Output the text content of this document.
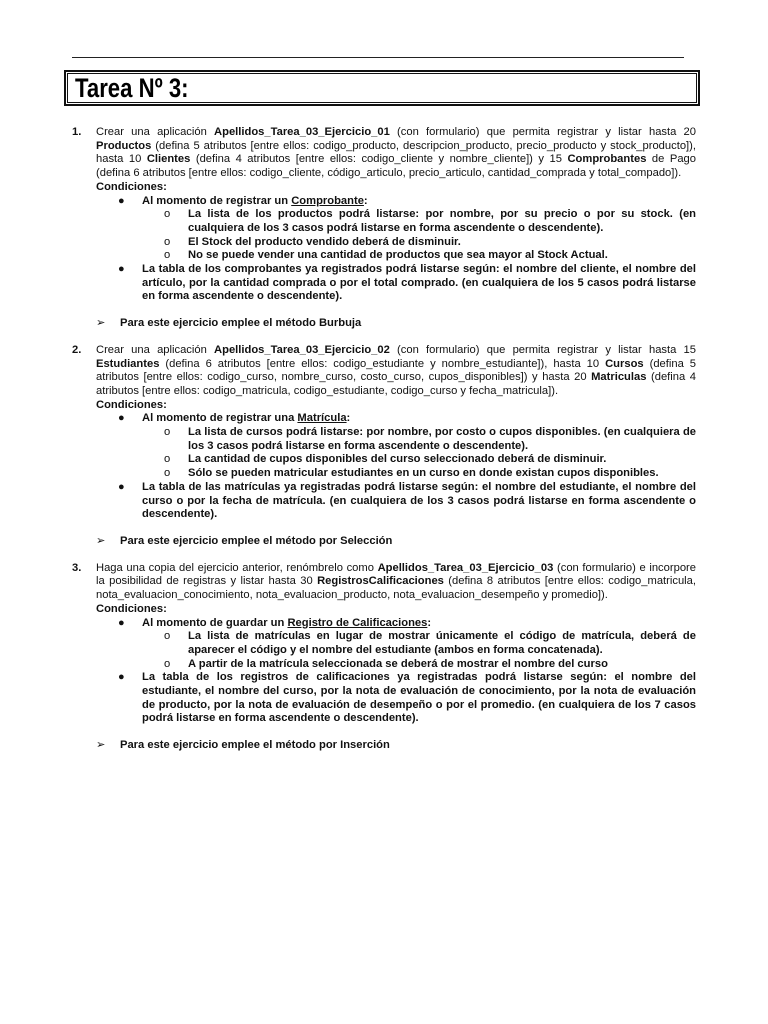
Tarea Nº 3:
1. Crear una aplicación Apellidos_Tarea_03_Ejercicio_01 (con formulario) que permita registrar y listar hasta 20 Productos (defina 5 atributos [entre ellos: codigo_producto, descripcion_producto, precio_producto y stock_producto]), hasta 10 Clientes (defina 4 atributos [entre ellos: codigo_cliente y nombre_cliente]) y 15 Comprobantes de Pago (defina 6 atributos [entre ellos: codigo_cliente, código_articulo, precio_articulo, cantidad_comprada y total_compado]).
Condiciones:
● Al momento de registrar un Comprobante:
o La lista de los productos podrá listarse: por nombre, por su precio o por su stock. (en cualquiera de los 3 casos podrá listarse en forma ascendente o descendente).
o El Stock del producto vendido deberá de disminuir.
o No se puede vender una cantidad de productos que sea mayor al Stock Actual.
● La tabla de los comprobantes ya registrados podrá listarse según: el nombre del cliente, el nombre del artículo, por la cantidad comprada o por el total comprado. (en cualquiera de los 5 casos podrá listarse en forma ascendente o descendente).
➢ Para este ejercicio emplee el método Burbuja
2. Crear una aplicación Apellidos_Tarea_03_Ejercicio_02 (con formulario) que permita registrar y listar hasta 15 Estudiantes (defina 6 atributos [entre ellos: codigo_estudiante y nombre_estudiante]), hasta 10 Cursos (defina 5 atributos [entre ellos: codigo_curso, nombre_curso, costo_curso, cupos_disponibles]) y hasta 20 Matriculas (defina 4 atributos [entre ellos: codigo_matricula, codigo_estudiante, codigo_curso y fecha_matricula]).
Condiciones:
● Al momento de registrar una Matrícula:
o La lista de cursos podrá listarse: por nombre, por costo o cupos disponibles. (en cualquiera de los 3 casos podrá listarse en forma ascendente o descendente).
o La cantidad de cupos disponibles del curso seleccionado deberá de disminuir.
o Sólo se pueden matricular estudiantes en un curso en donde existan cupos disponibles.
● La tabla de las matrículas ya registradas podrá listarse según: el nombre del estudiante, el nombre del curso o por la fecha de matrícula. (en cualquiera de los 3 casos podrá listarse en forma ascendente o descendente).
➢ Para este ejercicio emplee el método por Selección
3. Haga una copia del ejercicio anterior, renómbrelo como Apellidos_Tarea_03_Ejercicio_03 (con formulario) e incorpore la posibilidad de registras y listar hasta 30 RegistrosCalificaciones (defina 8 atributos [entre ellos: codigo_matricula, nota_evaluacion_conocimiento, nota_evaluacion_producto, nota_evaluacion_desempeño y promedio]).
Condiciones:
● Al momento de guardar un Registro de Calificaciones:
o La lista de matrículas en lugar de mostrar únicamente el código de matrícula, deberá de aparecer el código y el nombre del estudiante (ambos en forma concatenada).
o A partir de la matrícula seleccionada se deberá de mostrar el nombre del curso
● La tabla de los registros de calificaciones ya registradas podrá listarse según: el nombre del estudiante, el nombre del curso, por la nota de evaluación de conocimiento, por la nota de evaluación de producto, por la nota de evaluación de desempeño o por el promedio. (en cualquiera de los 7 casos podrá listarse en forma ascendente o descendente).
➢ Para este ejercicio emplee el método por Inserción
